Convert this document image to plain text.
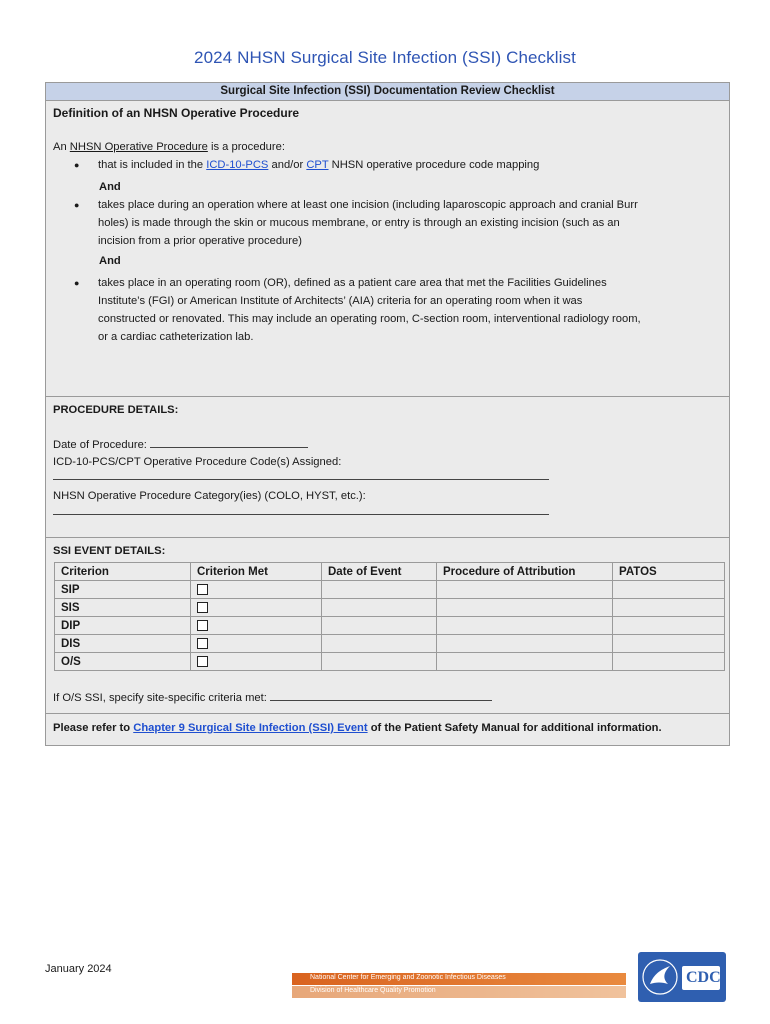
2024 NHSN Surgical Site Infection (SSI) Checklist
Surgical Site Infection (SSI) Documentation Review Checklist
Definition of an NHSN Operative Procedure
An NHSN Operative Procedure is a procedure:
● that is included in the ICD-10-PCS and/or CPT NHSN operative procedure code mapping
And
● takes place during an operation where at least one incision (including laparoscopic approach and cranial Burr
holes) is made through the skin or mucous membrane, or entry is through an existing incision (such as an
incision from a prior operative procedure)
And
● takes place in an operating room (OR), defined as a patient care area that met the Facilities Guidelines
Institute’s (FGI) or American Institute of Architects’ (AIA) criteria for an operating room when it was
constructed or renovated. This may include an operating room, C-section room, interventional radiology room,
or a cardiac catheterization lab.
PROCEDURE DETAILS:
Date of Procedure:
ICD-10-PCS/CPT Operative Procedure Code(s) Assigned:
NHSN Operative Procedure Category(ies) (COLO, HYST, etc.):
SSI EVENT DETAILS:
Criterion	Criterion Met	Date of Event	Procedure of Attribution	PATOS
SIP				
SIS				
DIP				
DIS				
O/S				
If O/S SSI, specify site-specific criteria met:
Please refer to Chapter 9 Surgical Site Infection (SSI) Event of the Patient Safety Manual for additional information.
January 2024
National Center for Emerging and Zoonotic Infectious Diseases
Division of Healthcare Quality Promotion
CDC
